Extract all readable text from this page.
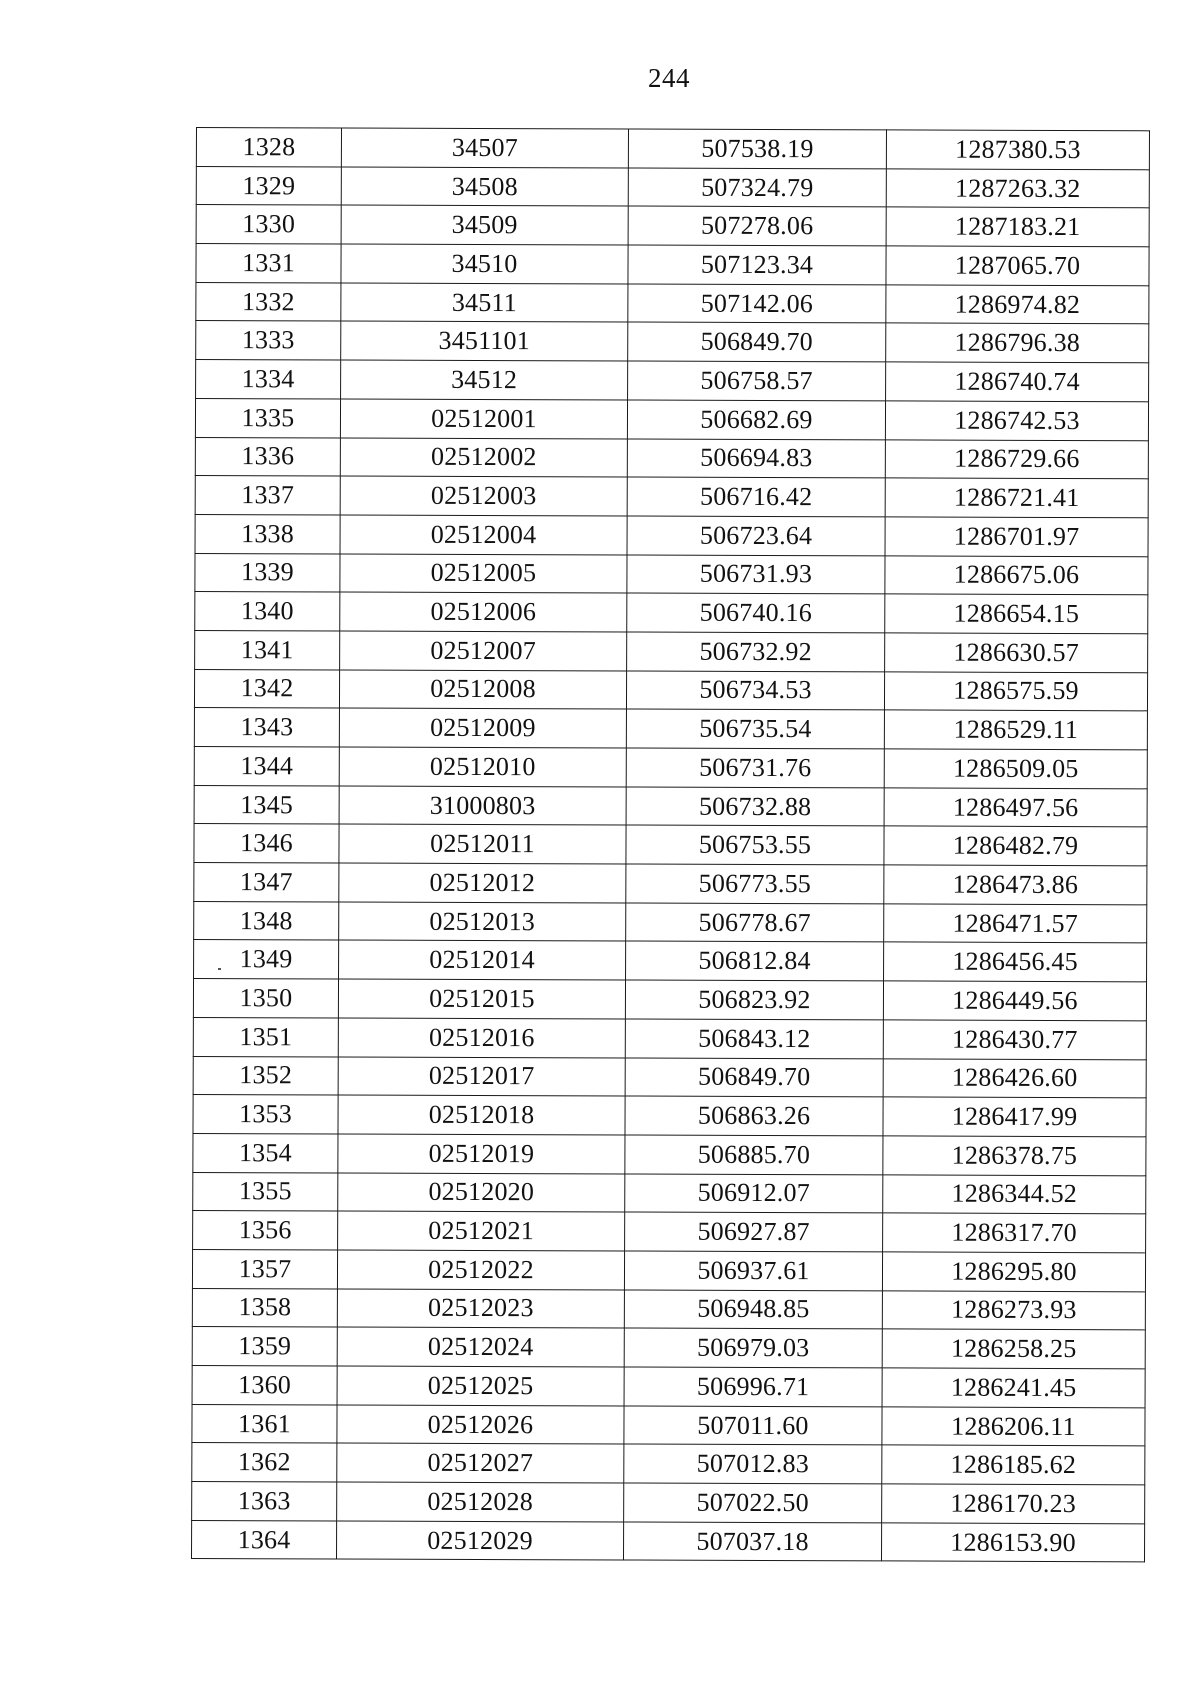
244
1328	34507	507538.19	1287380.53
1329	34508	507324.79	1287263.32
1330	34509	507278.06	1287183.21
1331	34510	507123.34	1287065.70
1332	34511	507142.06	1286974.82
1333	3451101	506849.70	1286796.38
1334	34512	506758.57	1286740.74
1335	02512001	506682.69	1286742.53
1336	02512002	506694.83	1286729.66
1337	02512003	506716.42	1286721.41
1338	02512004	506723.64	1286701.97
1339	02512005	506731.93	1286675.06
1340	02512006	506740.16	1286654.15
1341	02512007	506732.92	1286630.57
1342	02512008	506734.53	1286575.59
1343	02512009	506735.54	1286529.11
1344	02512010	506731.76	1286509.05
1345	31000803	506732.88	1286497.56
1346	02512011	506753.55	1286482.79
1347	02512012	506773.55	1286473.86
1348	02512013	506778.67	1286471.57
1349	02512014	506812.84	1286456.45
1350	02512015	506823.92	1286449.56
1351	02512016	506843.12	1286430.77
1352	02512017	506849.70	1286426.60
1353	02512018	506863.26	1286417.99
1354	02512019	506885.70	1286378.75
1355	02512020	506912.07	1286344.52
1356	02512021	506927.87	1286317.70
1357	02512022	506937.61	1286295.80
1358	02512023	506948.85	1286273.93
1359	02512024	506979.03	1286258.25
1360	02512025	506996.71	1286241.45
1361	02512026	507011.60	1286206.11
1362	02512027	507012.83	1286185.62
1363	02512028	507022.50	1286170.23
1364	02512029	507037.18	1286153.90
